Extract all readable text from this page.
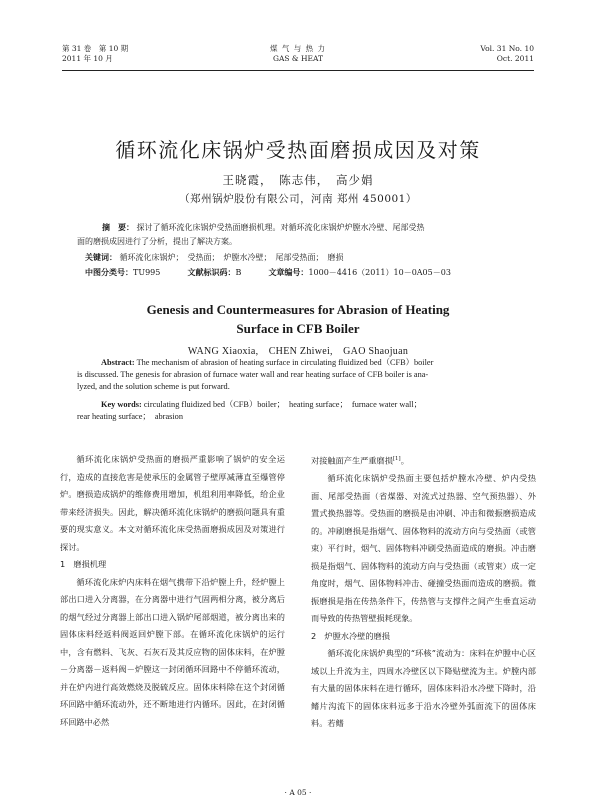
第 31 卷　第 10 期
2011 年 10 月
煤 气 与 热 力
GAS & HEAT
Vol. 31 No. 10
Oct. 2011
循环流化床锅炉受热面磨损成因及对策
王晓霞，　陈志伟，　高少娟
（郑州锅炉股份有限公司，河南 郑州 450001）
摘　要： 探讨了循环流化床锅炉受热面磨损机理。对循环流化床锅炉炉膛水冷壁、尾部受热
面的磨损成因进行了分析，提出了解决方案。
关键词： 循环流化床锅炉；　受热面；　炉膛水冷壁；　尾部受热面；　磨损
中图分类号：TU995	文献标识码：B	文章编号：1000－4416（2011）10－0A05－03
Genesis and Countermeasures for Abrasion of Heating
Surface in CFB Boiler
WANG Xiaoxia,　CHEN Zhiwei,　GAO Shaojuan
Abstract: The mechanism of abrasion of heating surface in circulating fluidized bed（CFB）boiler
is discussed. The genesis for abrasion of furnace water wall and rear heating surface of CFB boiler is ana-
lyzed, and the solution scheme is put forward.
Key words: circulating fluidized bed（CFB）boiler；　heating surface；　furnace water wall；
rear heating surface；　abrasion

循环流化床锅炉受热面的磨损严重影响了锅炉的安全运行，造成的直接危害是使承压的金属管子壁厚减薄直至爆管停炉。磨损造成锅炉的维修费用增加，机组利用率降低，给企业带来经济损失。因此，解决循环流化床锅炉的磨损问题具有重要的现实意义。本文对循环流化床受热面磨损成因及对策进行探讨。

1　磨损机理

循环流化床炉内床料在烟气携带下沿炉膛上升，经炉膛上部出口进入分离器，在分离器中进行气固两相分离，被分离后的烟气经过分离器上部出口进入锅炉尾部烟道，被分离出来的固体床料经返料阀返回炉膛下部。在循环流化床锅炉的运行中，含有燃料、飞灰、石灰石及其反应物的固体床料，在炉膛－分离器－返料阀－炉膛这一封闭循环回路中不停循环流动，并在炉内进行高效燃烧及脱硫反应。固体床料除在这个封闭循环回路中循环流动外，还不断地进行内循环。因此，在封闭循环回路中必然

对接触面产生严重磨损[1]。

循环流化床锅炉受热面主要包括炉膛水冷壁、炉内受热面、尾部受热面（省煤器、对流式过热器、空气预热器）、外置式换热器等。受热面的磨损是由冲刷、冲击和微振磨损造成的。冲刷磨损是指烟气、固体物料的流动方向与受热面（或管束）平行时，烟气、固体物料冲刷受热面造成的磨损。冲击磨损是指烟气、固体物料的流动方向与受热面（或管束）成一定角度时，烟气、固体物料冲击、碰撞受热面而造成的磨损。微振磨损是指在传热条件下，传热管与支撑件之间产生垂直运动而导致的传热管壁损耗现象。

2　炉膛水冷壁的磨损

循环流化床锅炉典型的“环核”流动为：床料在炉膛中心区域以上升流为主，四周水冷壁区以下降贴壁流为主。炉膛内部有大量的固体床料在进行循环，固体床料沿水冷壁下降时，沿鳍片沟流下的固体床料远多于沿水冷壁外弧面流下的固体床料。若鳍

· A 05 ·
